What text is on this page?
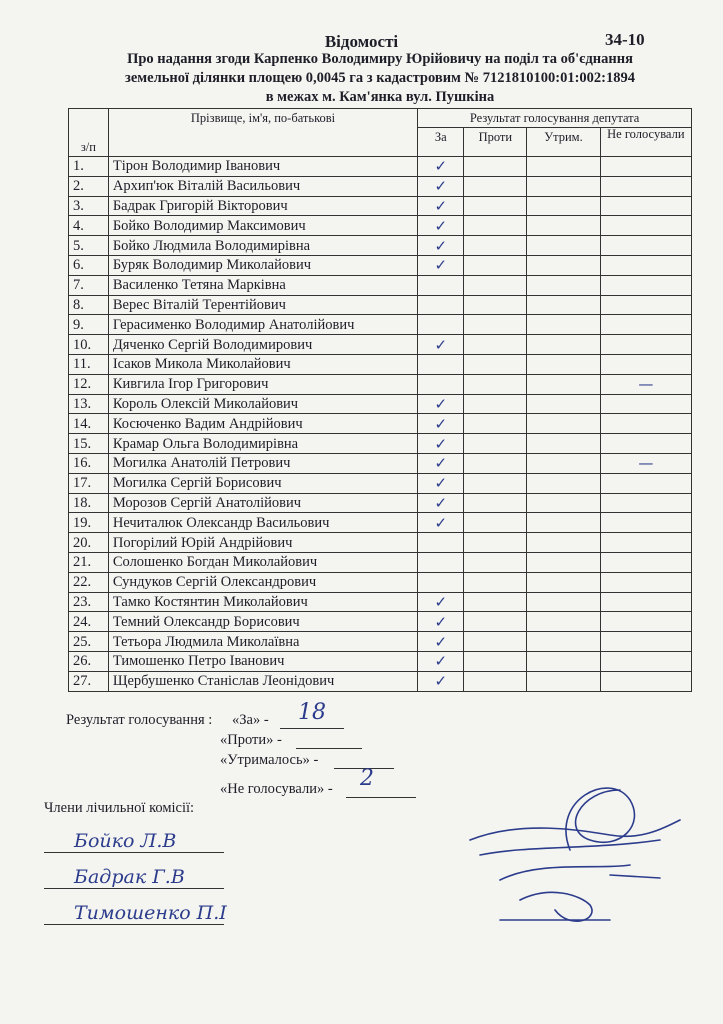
Відомості	34-10
Про надання згоди Карпенко Володимиру Юрійовичу на поділ та об'єднання
земельної ділянки площею 0,0045 га з кадастровим № 7121810100:01:002:1894
в межах м. Кам'янка вул. Пушкіна
з/п	Прізвище, ім'я, по-батькові	Результат голосування депутата			
		За	Проти	Утрим.	Не голосували
1.	Тірон Володимир Іванович	✓			
2.	Архип'юк Віталій Васильович	✓			
3.	Бадрак Григорій Вікторович	✓			
4.	Бойко Володимир Максимович	✓			
5.	Бойко Людмила Володимирівна	✓			
6.	Буряк Володимир Миколайович	✓			
7.	Василенко Тетяна Марківна				
8.	Верес Віталій Терентійович				
9.	Герасименко Володимир Анатолійович				
10.	Дяченко Сергій Володимирович	✓			
11.	Ісаков Микола Миколайович				
12.	Кивгила Ігор Григорович				—
13.	Король Олексій Миколайович	✓			
14.	Косюченко Вадим Андрійович	✓			
15.	Крамар Ольга Володимирівна	✓			
16.	Могилка Анатолій Петрович	✓			—
17.	Могилка Сергій Борисович	✓			
18.	Морозов Сергій Анатолійович	✓			
19.	Нечиталюк Олександр Васильович	✓			
20.	Погорілий Юрій Андрійович				
21.	Солошенко Богдан Миколайович				
22.	Сундуков Сергій Олександрович				
23.	Тамко Костянтин Миколайович	✓			
24.	Темний Олександр Борисович	✓			
25.	Тетьора Людмила Миколаївна	✓			
26.	Тимошенко Петро Іванович	✓			
27.	Щербушенко Станіслав Леонідович	✓			
Результат голосування : «За» - 18
«Проти» -
«Утрималось» -
«Не голосували» - 2
Члени лічильної комісії:
Бойко Л.В
Бадрак Г.В
Тимошенко П.І
